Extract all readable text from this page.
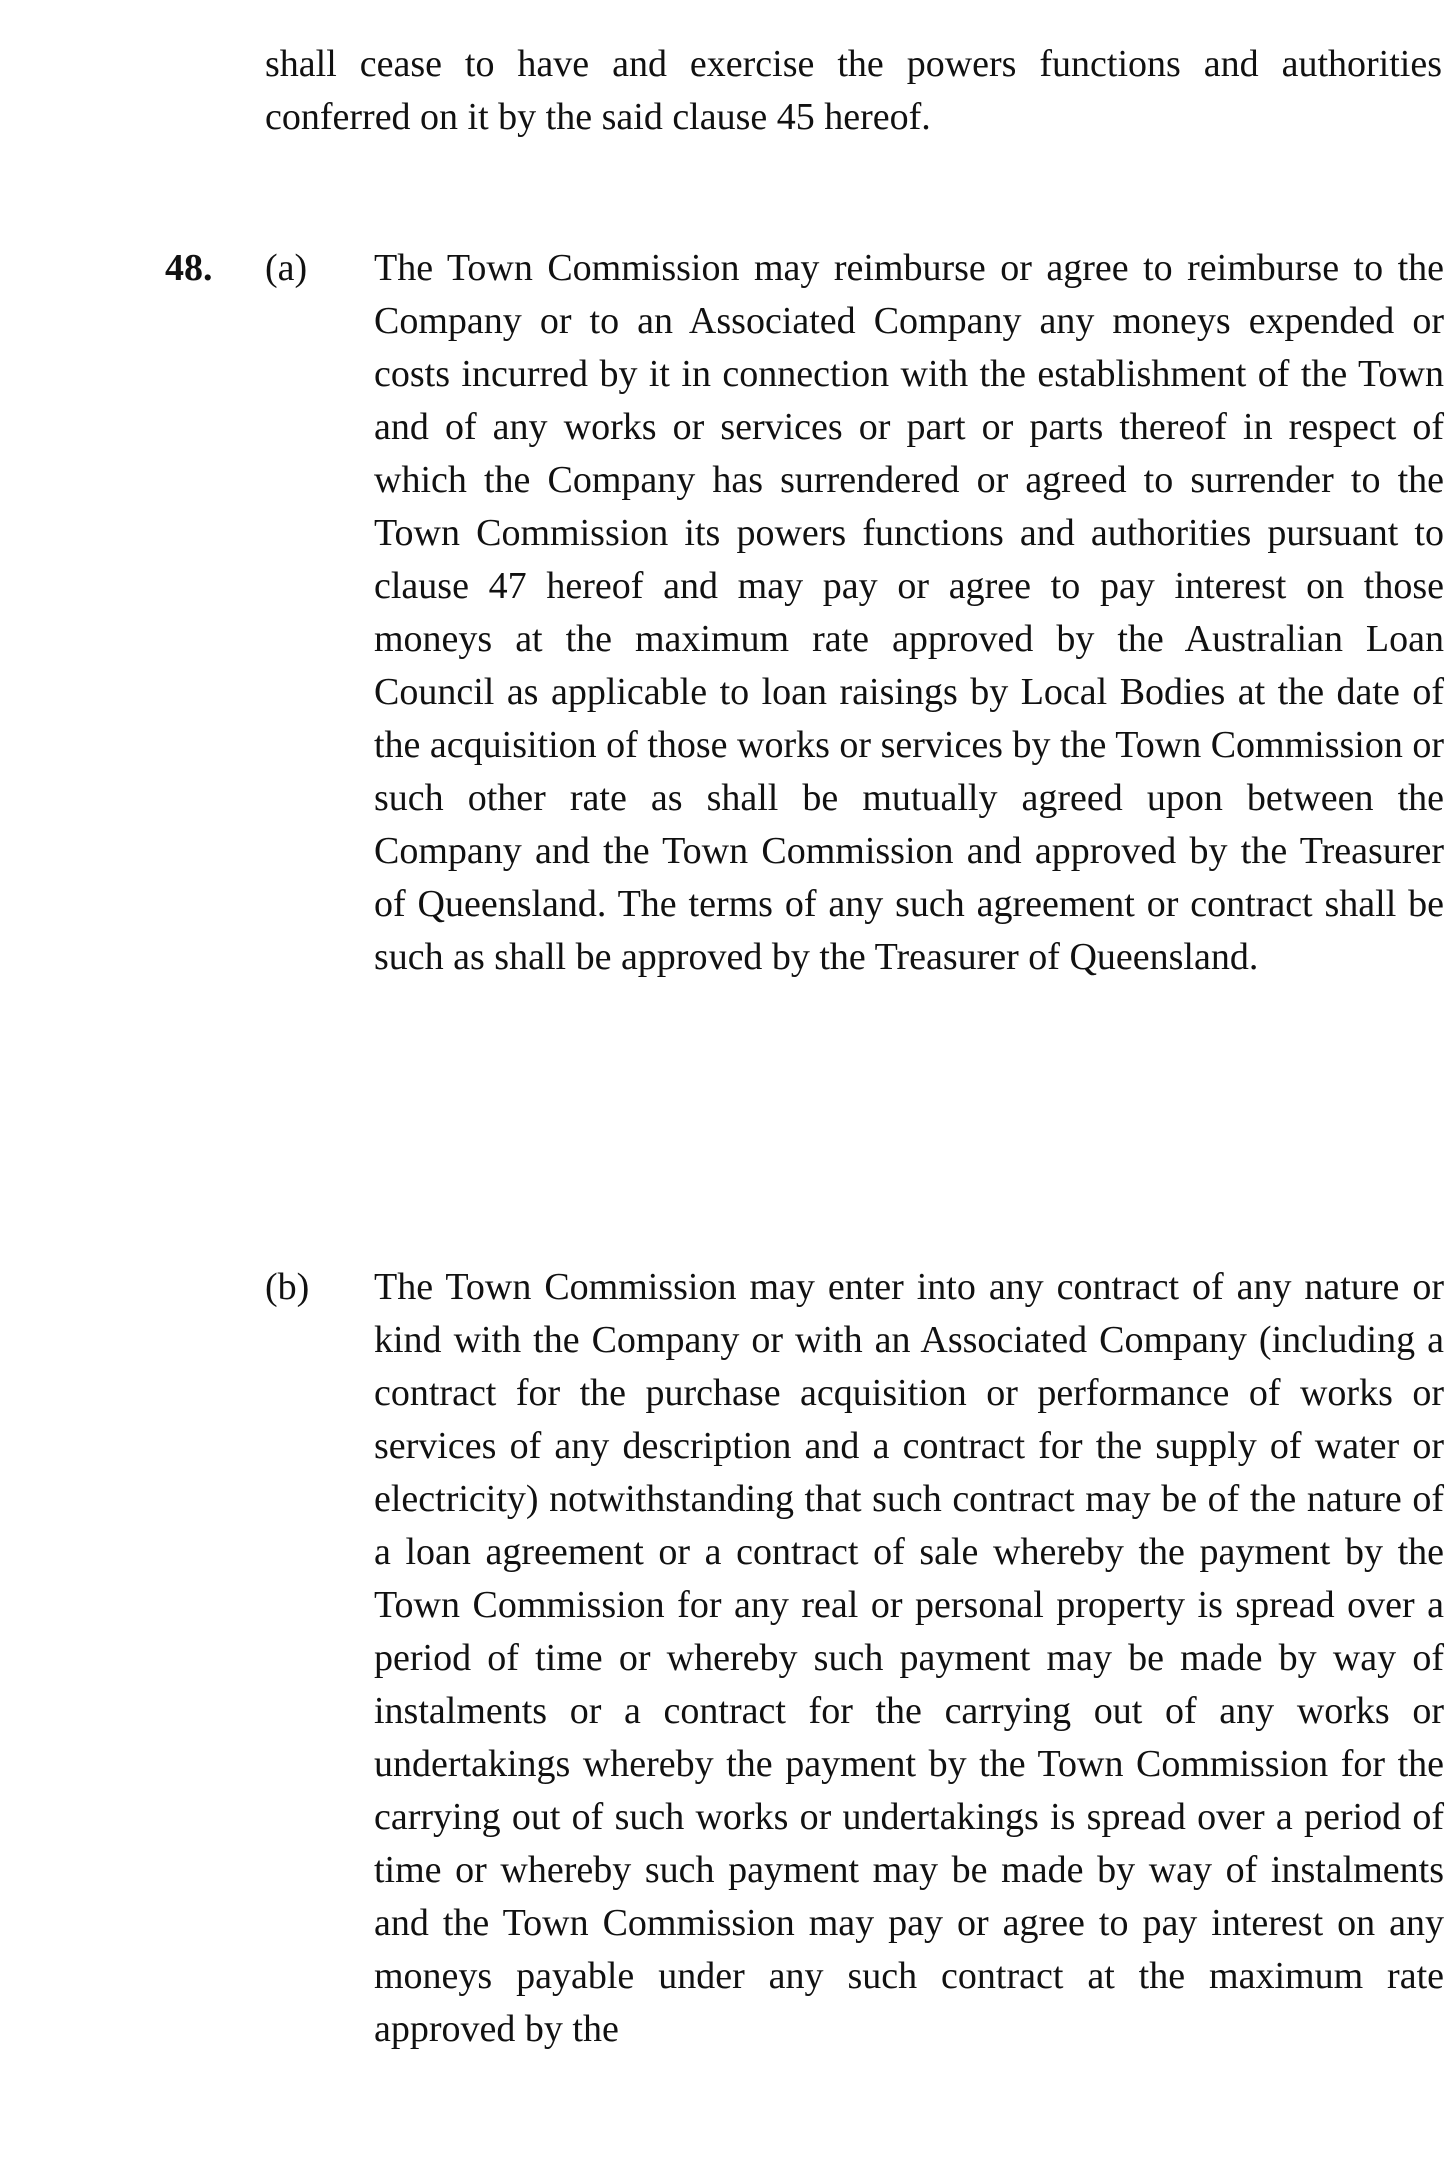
shall cease to have and exercise the powers functions and authorities conferred on it by the said clause 45 hereof.

48. (a) The Town Commission may reimburse or agree to reimburse to the Company or to an Associated Company any moneys expended or costs incurred by it in connection with the establishment of the Town and of any works or services or part or parts thereof in respect of which the Company has surrendered or agreed to surrender to the Town Commission its powers functions and authorities pursuant to clause 47 hereof and may pay or agree to pay interest on those moneys at the maximum rate approved by the Australian Loan Council as applicable to loan raisings by Local Bodies at the date of the acquisition of those works or services by the Town Commission or such other rate as shall be mutually agreed upon between the Company and the Town Commission and approved by the Treasurer of Queensland. The terms of any such agreement or contract shall be such as shall be approved by the Treasurer of Queensland.

(b) The Town Commission may enter into any contract of any nature or kind with the Company or with an Associated Company (including a contract for the purchase acquisition or performance of works or services of any description and a contract for the supply of water or electricity) notwithstanding that such contract may be of the nature of a loan agreement or a contract of sale whereby the payment by the Town Commission for any real or personal property is spread over a period of time or whereby such payment may be made by way of instalments or a contract for the carrying out of any works or undertakings whereby the payment by the Town Commission for the carrying out of such works or undertakings is spread over a period of time or whereby such payment may be made by way of instalments and the Town Commission may pay or agree to pay interest on any moneys payable under any such contract at the maximum rate approved by the
